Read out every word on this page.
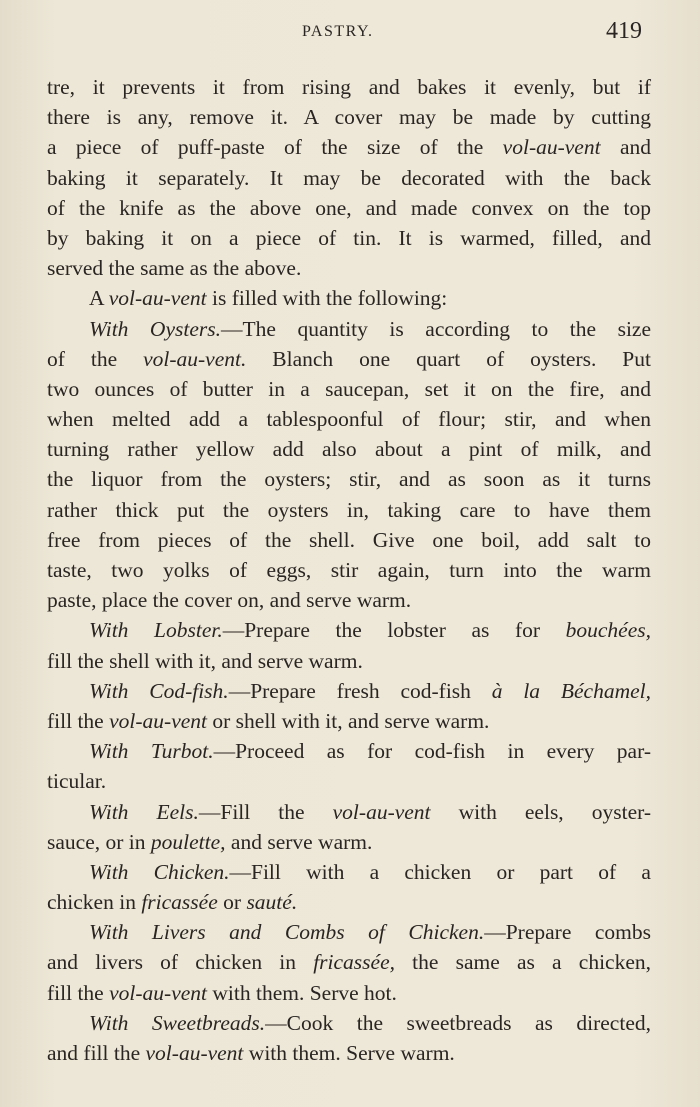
PASTRY.	419
tre, it prevents it from rising and bakes it evenly, but if
there is any, remove it. A cover may be made by cutting
a piece of puff-paste of the size of the vol-au-vent and
baking it separately. It may be decorated with the back
of the knife as the above one, and made convex on the top
by baking it on a piece of tin. It is warmed, filled, and
served the same as the above.
A vol-au-vent is filled with the following:
With Oysters.—The quantity is according to the size
of the vol-au-vent. Blanch one quart of oysters. Put
two ounces of butter in a saucepan, set it on the fire, and
when melted add a tablespoonful of flour; stir, and when
turning rather yellow add also about a pint of milk, and
the liquor from the oysters; stir, and as soon as it turns
rather thick put the oysters in, taking care to have them
free from pieces of the shell. Give one boil, add salt to
taste, two yolks of eggs, stir again, turn into the warm
paste, place the cover on, and serve warm.
With Lobster.—Prepare the lobster as for bouchées,
fill the shell with it, and serve warm.
With Cod-fish.—Prepare fresh cod-fish à la Béchamel,
fill the vol-au-vent or shell with it, and serve warm.
With Turbot.—Proceed as for cod-fish in every par-
ticular.
With Eels.—Fill the vol-au-vent with eels, oyster-
sauce, or in poulette, and serve warm.
With Chicken.—Fill with a chicken or part of a
chicken in fricassée or sauté.
With Livers and Combs of Chicken.—Prepare combs
and livers of chicken in fricassée, the same as a chicken,
fill the vol-au-vent with them. Serve hot.
With Sweetbreads.—Cook the sweetbreads as directed,
and fill the vol-au-vent with them. Serve warm.
